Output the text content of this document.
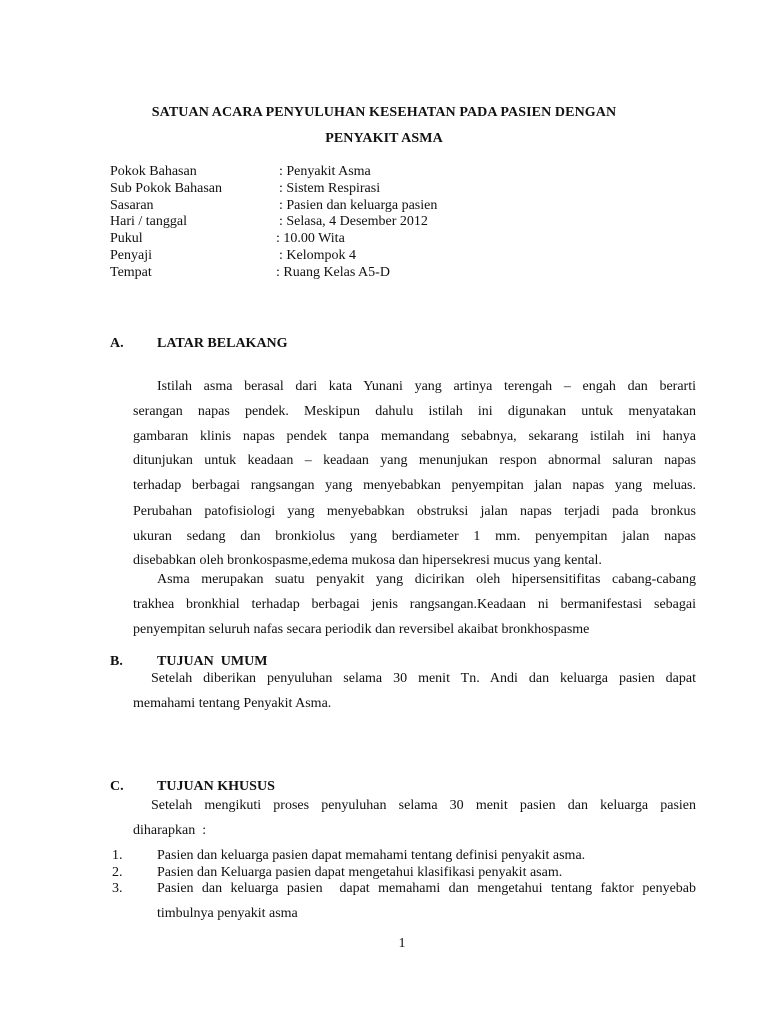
SATUAN ACARA PENYULUHAN KESEHATAN PADA PASIEN DENGAN
PENYAKIT ASMA
Pokok Bahasan	: Penyakit Asma
Sub Pokok Bahasan	: Sistem Respirasi
Sasaran	: Pasien dan keluarga pasien
Hari / tanggal	: Selasa, 4 Desember 2012
Pukul	: 10.00 Wita
Penyaji	: Kelompok 4
Tempat	: Ruang Kelas A5-D
A. LATAR BELAKANG
Istilah asma berasal dari kata Yunani yang artinya terengah – engah dan berarti
serangan napas pendek. Meskipun dahulu istilah ini digunakan untuk menyatakan
gambaran klinis napas pendek tanpa memandang sebabnya, sekarang istilah ini hanya
ditunjukan untuk keadaan – keadaan yang menunjukan respon abnormal saluran napas
terhadap berbagai rangsangan yang menyebabkan penyempitan jalan napas yang meluas.
Perubahan patofisiologi yang menyebabkan obstruksi jalan napas terjadi pada bronkus
ukuran sedang dan bronkiolus yang berdiameter 1 mm. penyempitan jalan napas
disebabkan oleh bronkospasme,edema mukosa dan hipersekresi mucus yang kental.
Asma merupakan suatu penyakit yang dicirikan oleh hipersensitifitas cabang-cabang
trakhea bronkhial terhadap berbagai jenis rangsangan.Keadaan ni bermanifestasi sebagai
penyempitan seluruh nafas secara periodik dan reversibel akaibat bronkhospasme
B. TUJUAN  UMUM
Setelah diberikan penyuluhan selama 30 menit Tn. Andi dan keluarga pasien dapat
memahami tentang Penyakit Asma.
C. TUJUAN KHUSUS
Setelah mengikuti proses penyuluhan selama 30 menit pasien dan keluarga pasien
diharapkan  :
1. Pasien dan keluarga pasien dapat memahami tentang definisi penyakit asma.
2. Pasien dan Keluarga pasien dapat mengetahui klasifikasi penyakit asam.
3. Pasien dan keluarga pasien  dapat memahami dan mengetahui tentang faktor penyebab
timbulnya penyakit asma
1
